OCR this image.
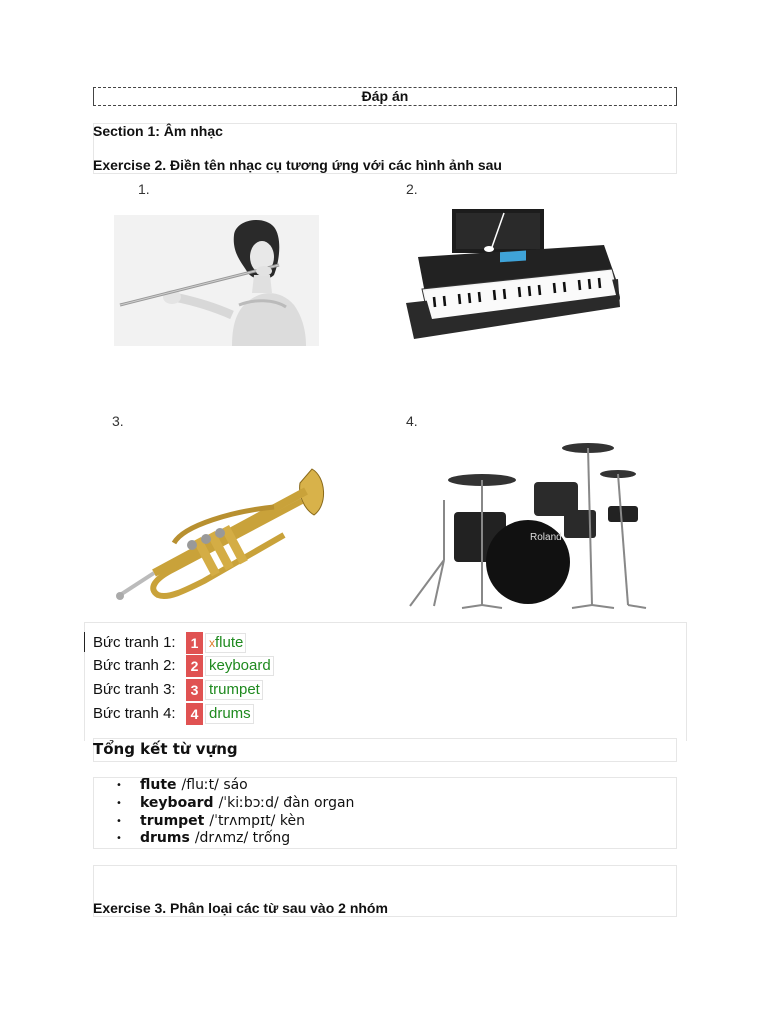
Đáp án
Section 1: Âm nhạc
Exercise 2. Điền tên nhạc cụ tương ứng với các hình ảnh sau
1.	2.
3.	4.
Roland
Bức tranh 1:	1 xflute
Bức tranh 2:	2 keyboard
Bức tranh 3:	3 trumpet
Bức tranh 4:	4 drums
Tổng kết từ vựng
•	flute /fluːt/ sáo
•	keyboard /ˈkiːbɔːd/ đàn organ
•	trumpet /ˈtrʌmpɪt/ kèn
•	drums /drʌmz/ trống
Exercise 3. Phân loại các từ sau vào 2 nhóm
